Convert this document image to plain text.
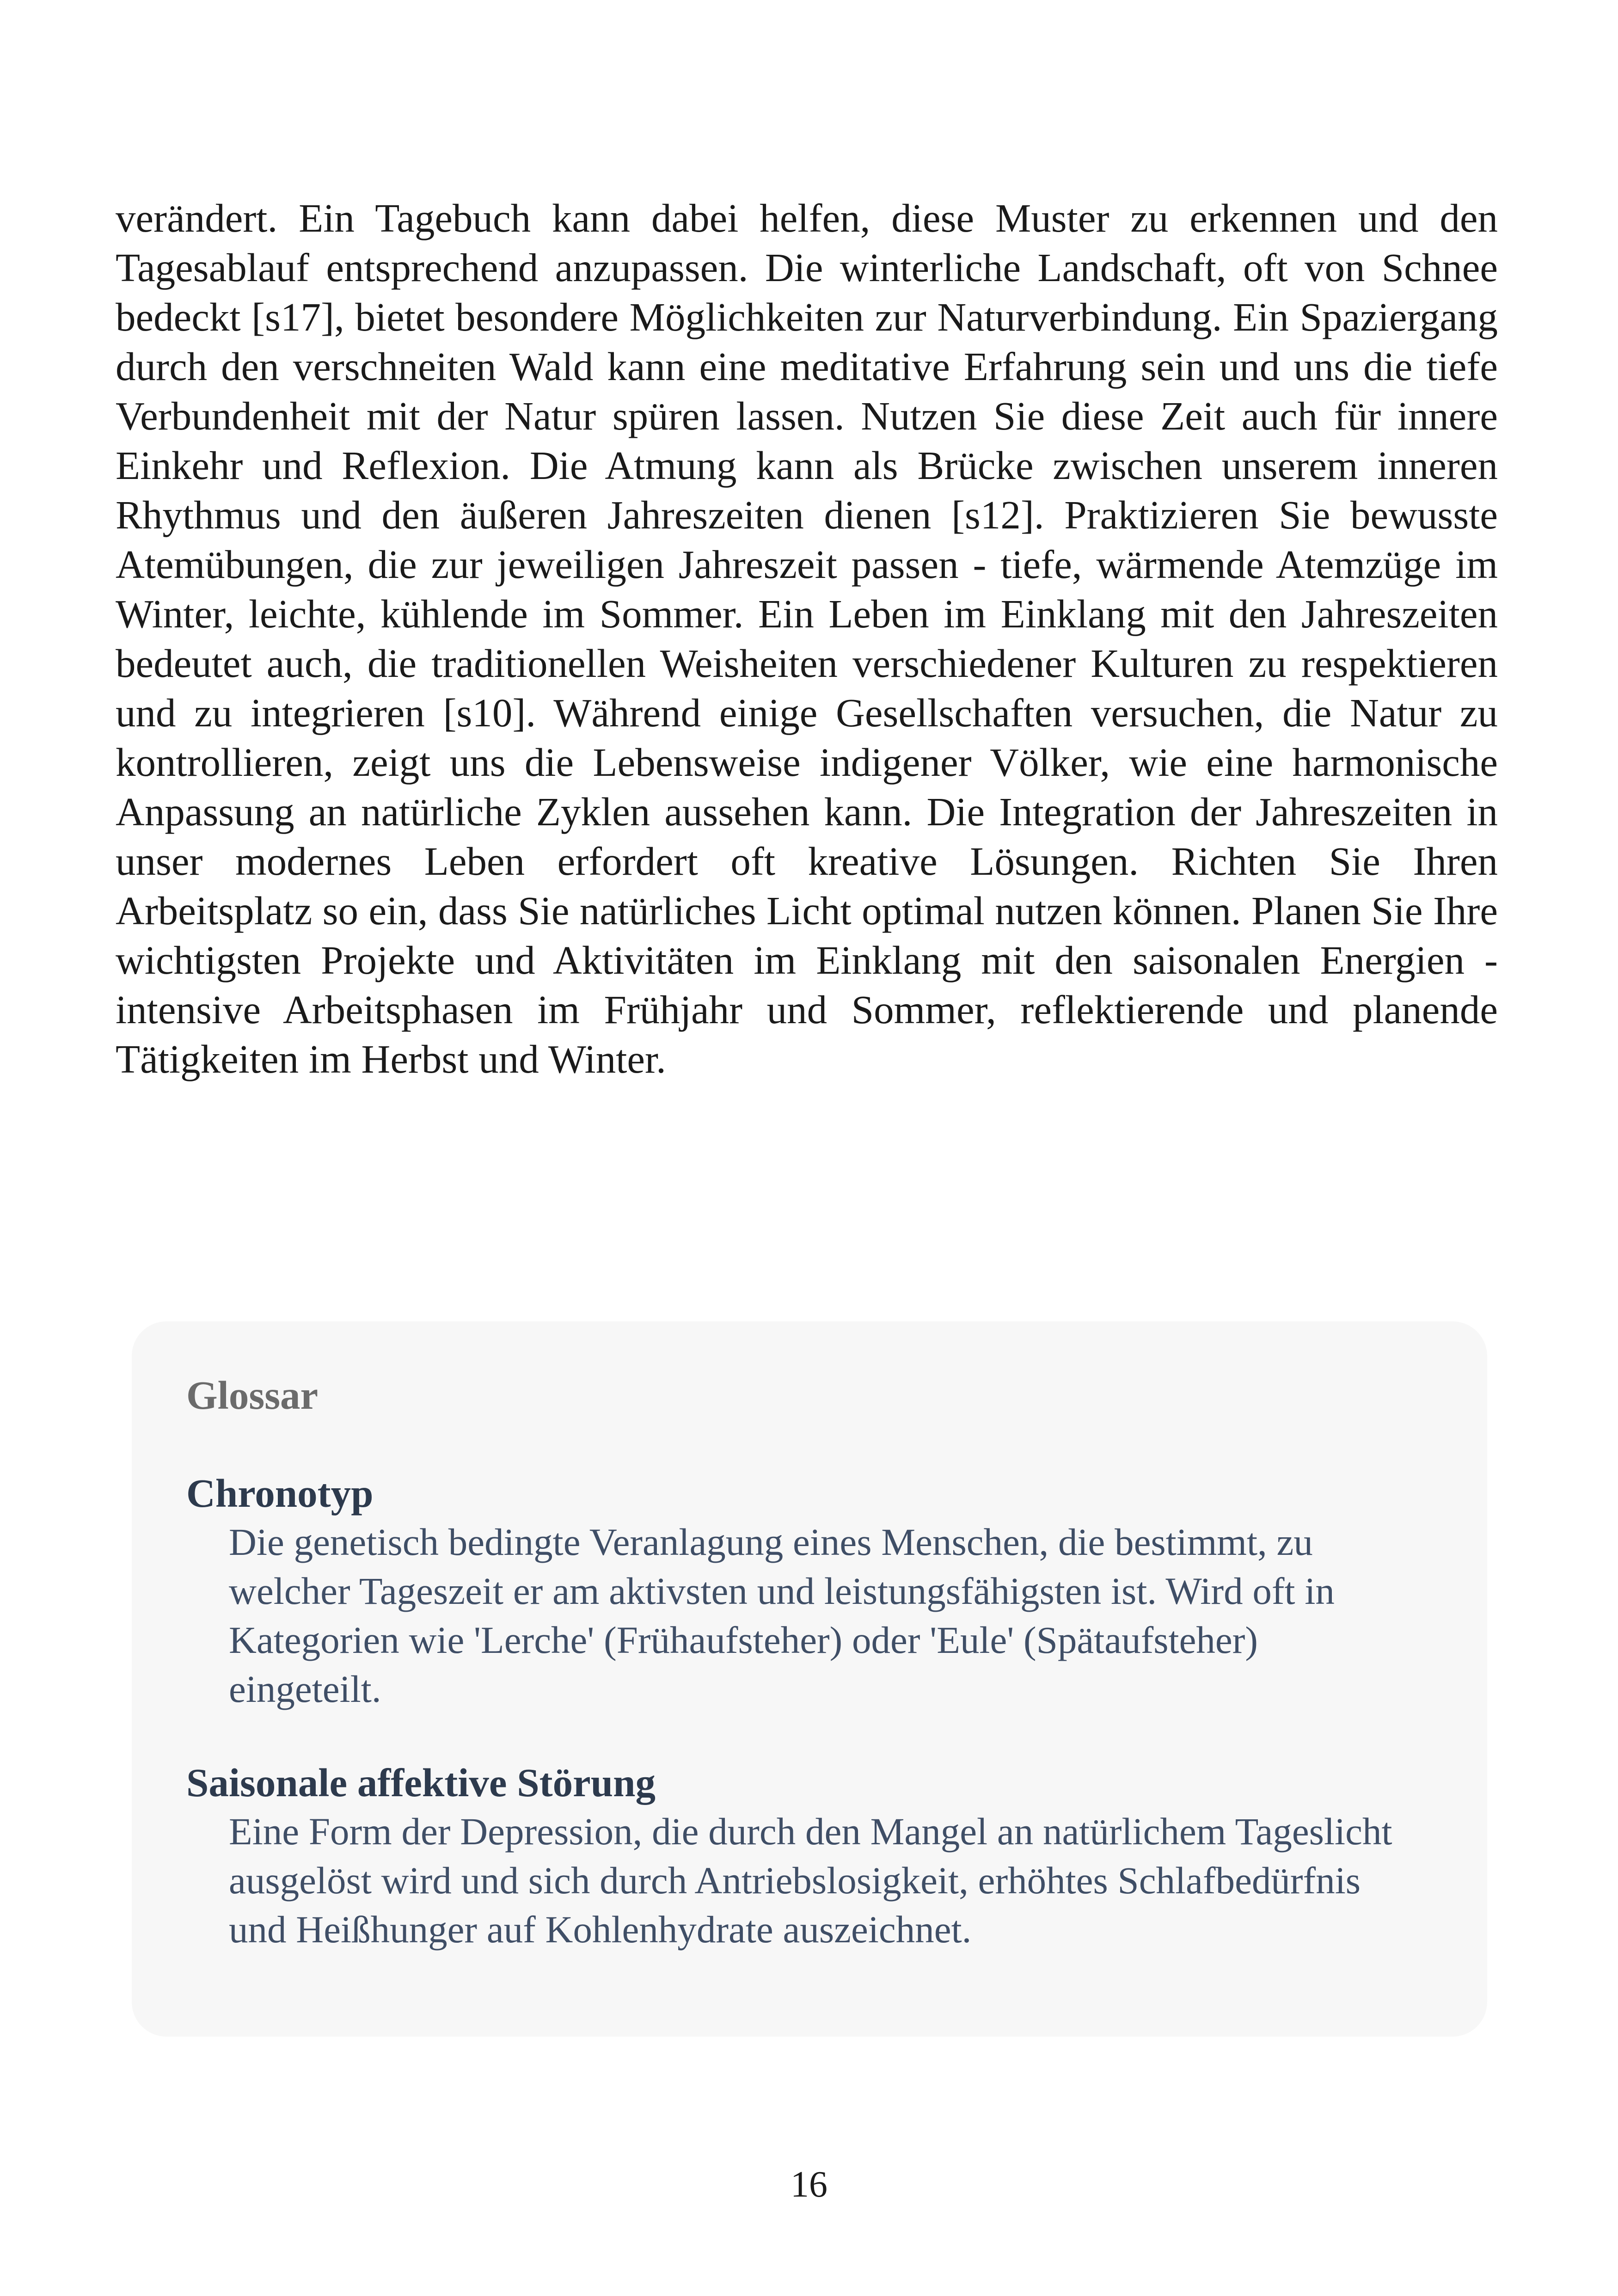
verändert. Ein Tagebuch kann dabei helfen, diese Muster zu erkennen und den Tagesablauf entsprechend anzupassen. Die winterliche Landschaft, oft von Schnee bedeckt [s17], bietet besondere Möglichkeiten zur Naturverbindung. Ein Spaziergang durch den verschneiten Wald kann eine meditative Erfahrung sein und uns die tiefe Verbundenheit mit der Natur spüren lassen. Nutzen Sie diese Zeit auch für innere Einkehr und Reflexion. Die Atmung kann als Brücke zwischen unserem inneren Rhythmus und den äußeren Jahreszeiten dienen [s12]. Praktizieren Sie bewusste Atemübungen, die zur jeweiligen Jahreszeit passen - tiefe, wärmende Atemzüge im Winter, leichte, kühlende im Sommer. Ein Leben im Einklang mit den Jahreszeiten bedeutet auch, die traditionellen Weisheiten verschiedener Kulturen zu respektieren und zu integrieren [s10]. Während einige Gesellschaften versuchen, die Natur zu kontrollieren, zeigt uns die Lebensweise indigener Völker, wie eine harmonische Anpassung an natürliche Zyklen aussehen kann. Die Integration der Jahreszeiten in unser modernes Leben erfordert oft kreative Lösungen. Richten Sie Ihren Arbeitsplatz so ein, dass Sie natürliches Licht optimal nutzen können. Planen Sie Ihre wichtigsten Projekte und Aktivitäten im Einklang mit den saisonalen Energien - intensive Arbeitsphasen im Frühjahr und Sommer, reflektierende und planende Tätigkeiten im Herbst und Winter.

Glossar
Chronotyp
Die genetisch bedingte Veranlagung eines Menschen, die bestimmt, zu welcher Tageszeit er am aktivsten und leistungsfähigsten ist. Wird oft in Kategorien wie 'Lerche' (Frühaufsteher) oder 'Eule' (Spätaufsteher) eingeteilt.
Saisonale affektive Störung
Eine Form der Depression, die durch den Mangel an natürlichem Tageslicht ausgelöst wird und sich durch Antriebslosigkeit, erhöhtes Schlafbedürfnis und Heißhunger auf Kohlenhydrate auszeichnet.
16
